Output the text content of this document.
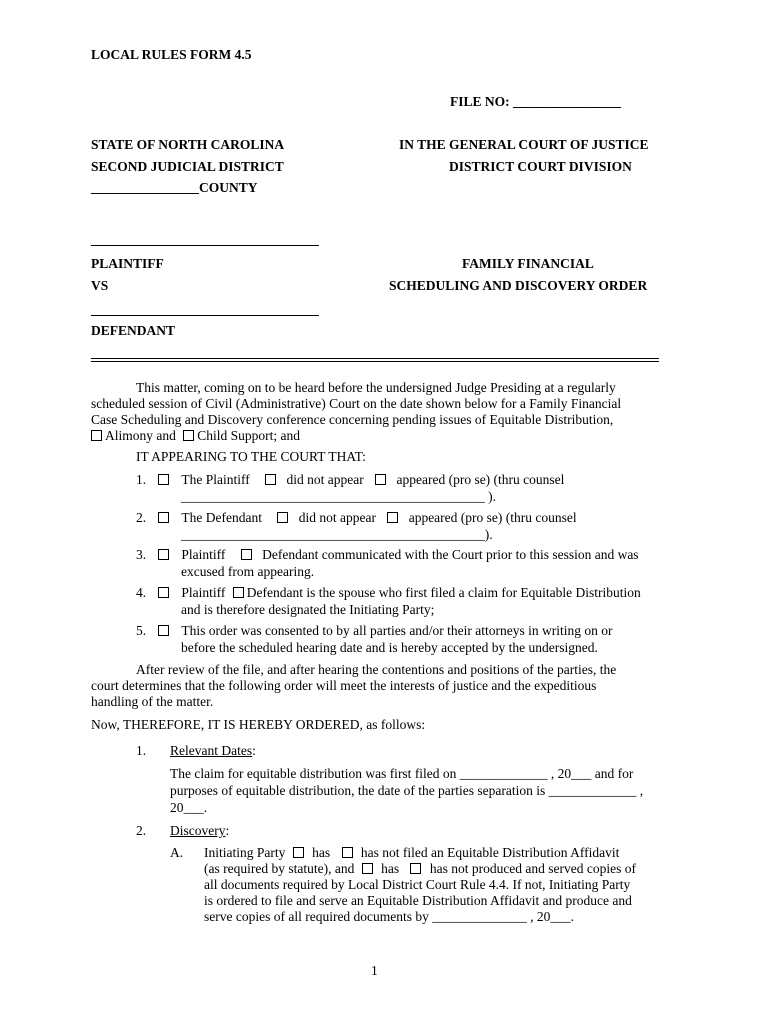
LOCAL RULES FORM 4.5
FILE NO: ________________
STATE OF NORTH CAROLINA
SECOND JUDICIAL DISTRICT
________________COUNTY
IN THE GENERAL COURT OF JUSTICE
DISTRICT COURT DIVISION
PLAINTIFF
VS
DEFENDANT
FAMILY FINANCIAL
SCHEDULING AND DISCOVERY ORDER
This matter, coming on to be heard before the undersigned Judge Presiding at a regularly
scheduled session of Civil (Administrative) Court on the date shown below for a Family Financial
Case Scheduling and Discovery conference concerning pending issues of Equitable Distribution,
Alimony and Child Support; and
IT APPEARING TO THE COURT THAT:
1.	The Plaintiff	did not appear appeared (pro se) (thru counsel
_____________________________________________ ).
2.	The Defendant	did not appear appeared (pro se) (thru counsel
_____________________________________________).
3.	Plaintiff	Defendant communicated with the Court prior to this session and was
excused from appearing.
4.	Plaintiff Defendant is the spouse who first filed a claim for Equitable Distribution
and is therefore designated the Initiating Party;
5.	This order was consented to by all parties and/or their attorneys in writing on or
before the scheduled hearing date and is hereby accepted by the undersigned.
After review of the file, and after hearing the contentions and positions of the parties, the
court determines that the following order will meet the interests of justice and the expeditious
handling of the matter.
Now, THEREFORE, IT IS HEREBY ORDERED, as follows:
1. Relevant Dates:
The claim for equitable distribution was first filed on _____________ , 20___ and for
purposes of equitable distribution, the date of the parties separation is _____________ ,
20___.
2. Discovery:
A. Initiating Party has has not filed an Equitable Distribution Affidavit
(as required by statute), and has has not produced and served copies of
all documents required by Local District Court Rule 4.4. If not, Initiating Party
is ordered to file and serve an Equitable Distribution Affidavit and produce and
serve copies of all required documents by ______________ , 20___.
1
